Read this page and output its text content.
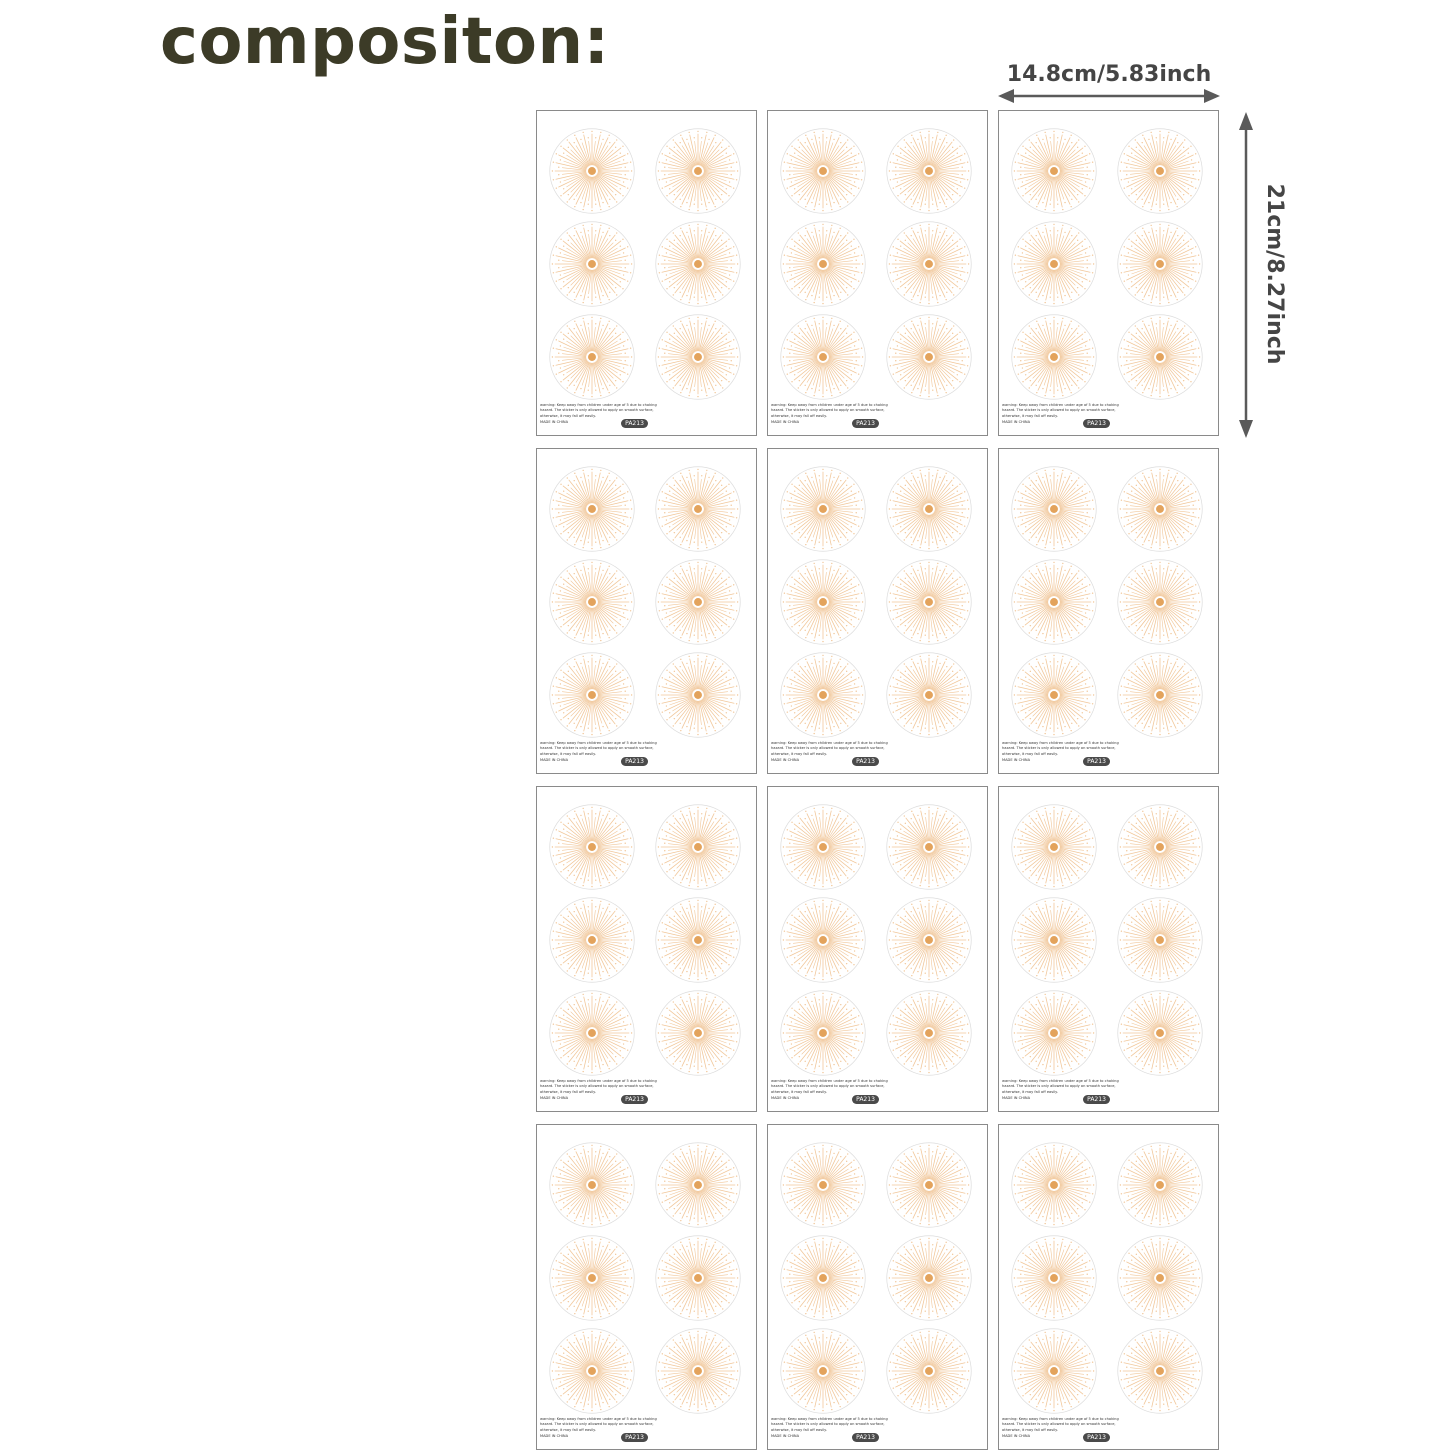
compositon:	14.8cm/5.83inch
21cm/8.27inch
warning: Keep away from children under age of 5 due to choking hazard. The sticker is only allowed to apply on smooth surface, otherwise, it may fall off easily.
MADE IN CHINA	PA213
warning: Keep away from children under age of 5 due to choking hazard. The sticker is only allowed to apply on smooth surface, otherwise, it may fall off easily.
MADE IN CHINA	PA213
warning: Keep away from children under age of 5 due to choking hazard. The sticker is only allowed to apply on smooth surface, otherwise, it may fall off easily.
MADE IN CHINA	PA213
warning: Keep away from children under age of 5 due to choking hazard. The sticker is only allowed to apply on smooth surface, otherwise, it may fall off easily.
MADE IN CHINA	PA213
warning: Keep away from children under age of 5 due to choking hazard. The sticker is only allowed to apply on smooth surface, otherwise, it may fall off easily.
MADE IN CHINA	PA213
warning: Keep away from children under age of 5 due to choking hazard. The sticker is only allowed to apply on smooth surface, otherwise, it may fall off easily.
MADE IN CHINA	PA213
warning: Keep away from children under age of 5 due to choking hazard. The sticker is only allowed to apply on smooth surface, otherwise, it may fall off easily.
MADE IN CHINA	PA213
warning: Keep away from children under age of 5 due to choking hazard. The sticker is only allowed to apply on smooth surface, otherwise, it may fall off easily.
MADE IN CHINA	PA213
warning: Keep away from children under age of 5 due to choking hazard. The sticker is only allowed to apply on smooth surface, otherwise, it may fall off easily.
MADE IN CHINA	PA213
warning: Keep away from children under age of 5 due to choking hazard. The sticker is only allowed to apply on smooth surface, otherwise, it may fall off easily.
MADE IN CHINA	PA213
warning: Keep away from children under age of 5 due to choking hazard. The sticker is only allowed to apply on smooth surface, otherwise, it may fall off easily.
MADE IN CHINA	PA213
warning: Keep away from children under age of 5 due to choking hazard. The sticker is only allowed to apply on smooth surface, otherwise, it may fall off easily.
MADE IN CHINA	PA213
